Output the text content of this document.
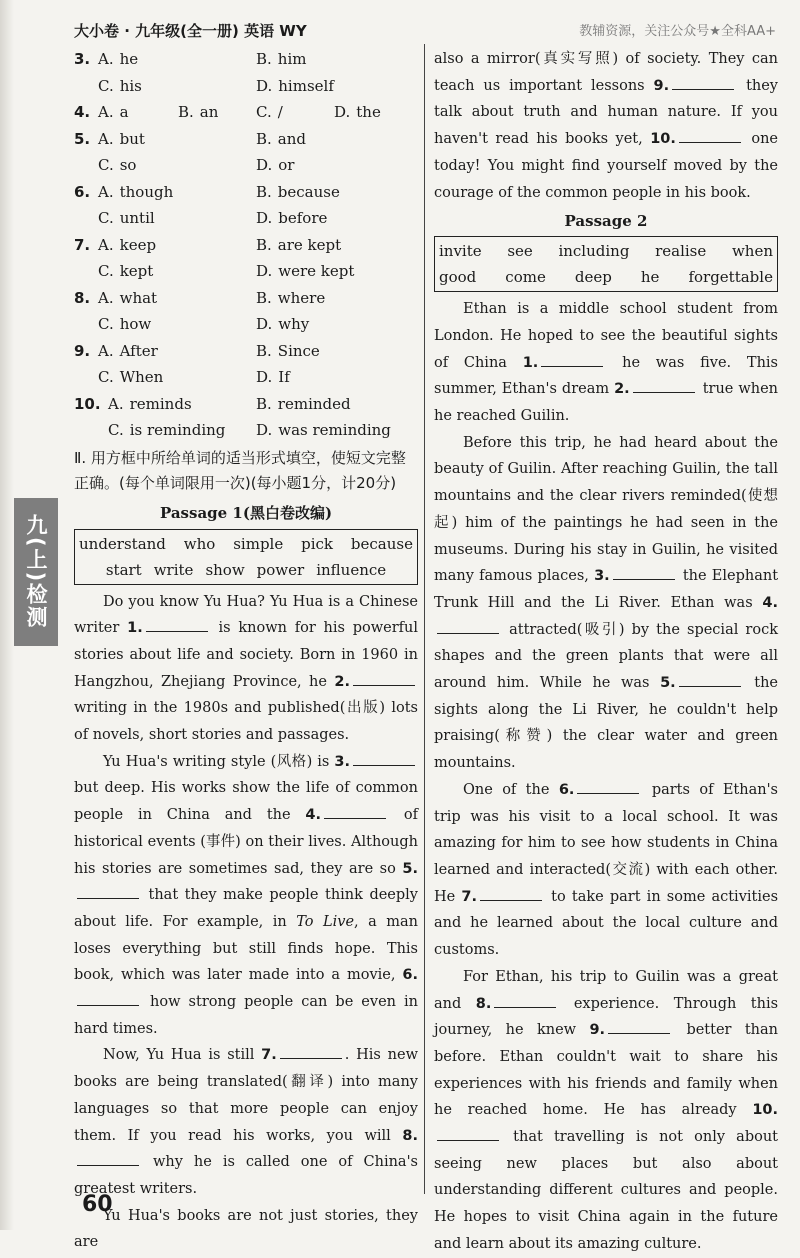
九(上)检测
大小卷 · 九年级(全一册) 英语 WY	教辅资源，关注公众号★全科AA+
3. A. he	B. him
C. his	D. himself
4. A. a	B. an	C. /	D. the
5. A. but	B. and
C. so	D. or
6. A. though	B. because
C. until	D. before
7. A. keep	B. are kept
C. kept	D. were kept
8. A. what	B. where
C. how	D. why
9. A. After	B. Since
C. When	D. If
10. A. reminds	B. reminded
C. is reminding	D. was reminding
Ⅱ. 用方框中所给单词的适当形式填空，使短文完整正确。(每个单词限用一次)(每小题1分，计20分)
Passage 1(黑白卷改编)
understand who simple pick because
start write show power influence

Do you know Yu Hua? Yu Hua is a Chinese writer 1.	is known for his powerful stories about life and society. Born in 1960 in Hangzhou, Zhejiang Province, he 2. writing in the 1980s and published(出版) lots of novels, short stories and passages.

Yu Hua's writing style (风格) is 3. but deep. His works show the life of common people in China and the 4.	of historical events (事件) on their lives. Although his stories are sometimes sad, they are so 5. that they make people think deeply about life. For example, in To Live, a man loses everything but still finds hope. This book, which was later made into a movie, 6. how strong people can be even in hard times.

Now, Yu Hua is still 7.	. His new books are being translated(翻译) into many languages so that more people can enjoy them. If you read his works, you will 8. why he is called one of China's greatest writers.

Yu Hua's books are not just stories, they are

also a mirror(真实写照) of society. They can teach us important lessons 9.	they talk about truth and human nature. If you haven't read his books yet, 10.	one today! You might find yourself moved by the courage of the common people in his book.

Passage 2
invite see including realise when
good come deep he forgettable

Ethan is a middle school student from London. He hoped to see the beautiful sights of China 1.	he was five. This summer, Ethan's dream 2.	true when he reached Guilin.

Before this trip, he had heard about the beauty of Guilin. After reaching Guilin, the tall mountains and the clear rivers reminded(使想起) him of the paintings he had seen in the museums. During his stay in Guilin, he visited many famous places, 3.	the Elephant Trunk Hill and the Li River. Ethan was 4. attracted(吸引) by the special rock shapes and the green plants that were all around him. While he was 5.	the sights along the Li River, he couldn't help praising(称赞) the clear water and green mountains.

One of the 6.	parts of Ethan's trip was his visit to a local school. It was amazing for him to see how students in China learned and interacted(交流) with each other. He 7.	to take part in some activities and he learned about the local culture and customs.

For Ethan, his trip to Guilin was a great and 8.	experience. Through this journey, he knew 9.	better than before. Ethan couldn't wait to share his experiences with his friends and family when he reached home. He has already 10. that travelling is not only about seeing new places but also about understanding different cultures and people. He hopes to visit China again in the future and learn about its amazing culture.

60
